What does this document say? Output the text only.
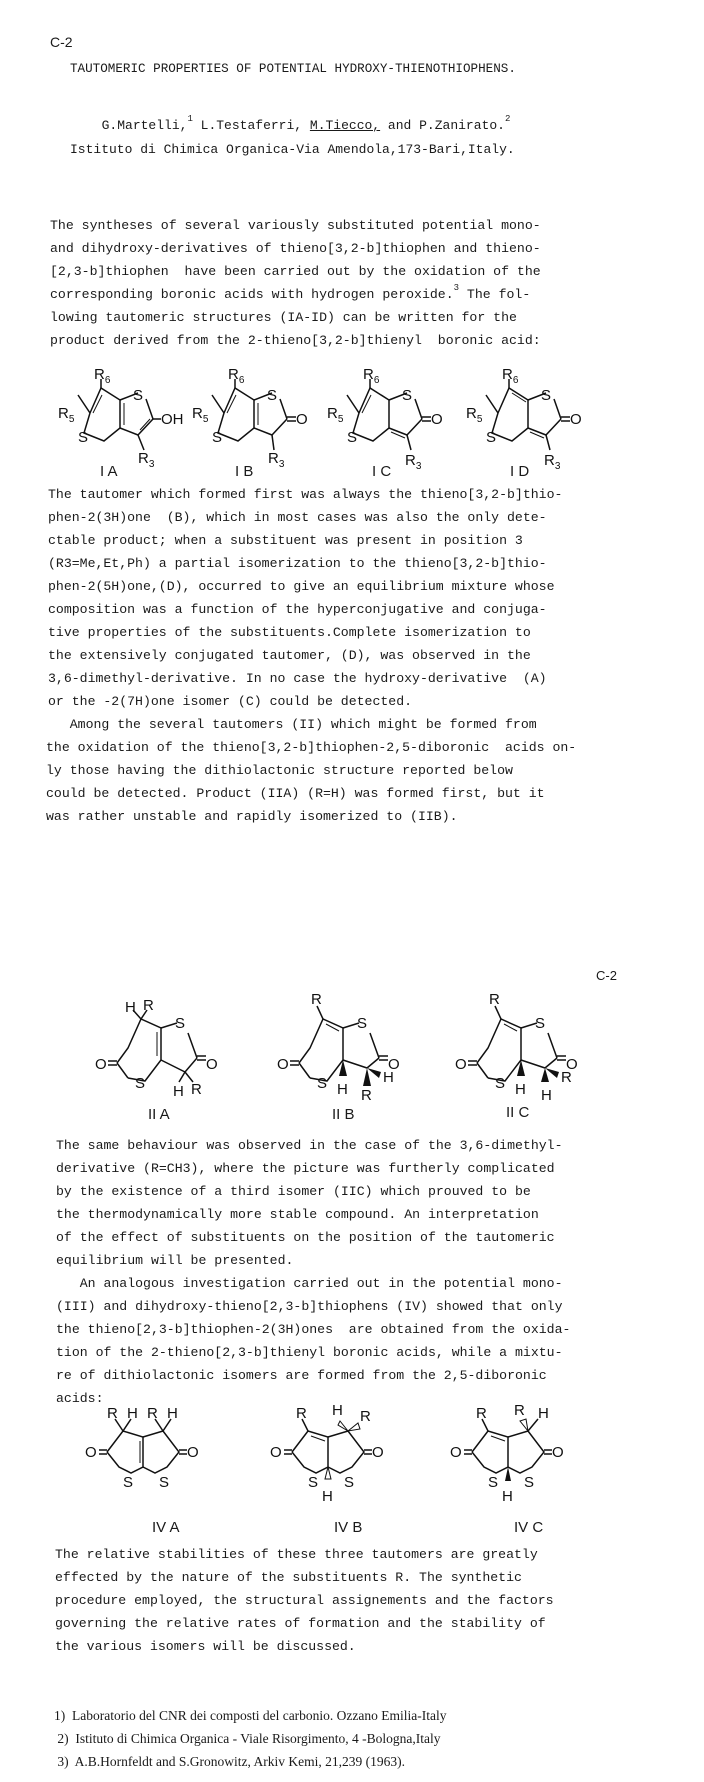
C-2
TAUTOMERIC PROPERTIES OF POTENTIAL HYDROXY-THIENOTHIOPHENS.

G.Martelli,$^1$ L.Testaferri, M.Tiecco, and P.Zanirato.$^2$

Istituto di Chimica Organica-Via Amendola,173-Bari,Italy.

The syntheses of several variously substituted potential mono-

and dihydroxy-derivatives of thieno[3,2-b]thiophen and thieno-

[2,3-b]thiophen  have been carried out by the oxidation of the

corresponding boronic acids with hydrogen peroxide.$^3$ The fol-

lowing tautomeric structures (IA-ID) can be written for the

product derived from the 2-thieno[3,2-b]thienyl  boronic acid:

$R_6$
$R_5$
S
S
OH
$R_3$
$R_6$
$R_5$
S
S
O
$R_3$
$R_6$
$R_5$
S
S
O
$R_3$
$R_6$
$R_5$
S
S
O
$R_3$
I A	I B	I C	I D

The tautomer which formed first was always the thieno[3,2-b]thio-

phen-2(3H)one  (B), which in most cases was also the only dete-

ctable product; when a substituent was present in position 3

(R3=Me,Et,Ph) a partial isomerization to the thieno[3,2-b]thio-

phen-2(5H)one,(D), occurred to give an equilibrium mixture whose

composition was a function of the hyperconjugative and conjuga-

tive properties of the substituents.Complete isomerization to

the extensively conjugated tautomer, (D), was observed in the

3,6-dimethyl-derivative. In no case the hydroxy-derivative  (A)

or the -2(7H)one isomer (C) could be detected.

Among the several tautomers (II) which might be formed from

the oxidation of the thieno[3,2-b]thiophen-2,5-diboronic  acids on-

ly those having the dithiolactonic structure reported below

could be detected. Product (IIA) (R=H) was formed first, but it

was rather unstable and rapidly isomerized to (IIB).

C-2
H R
O
S
S
O
H R
R
O
S
S
O
H
H
R
R
O
S
S
O
H
R
H
II A	II B	II C

The same behaviour was observed in the case of the 3,6-dimethyl-

derivative (R=CH3), where the picture was furtherly complicated

by the existence of a third isomer (IIC) which prouved to be

the thermodynamically more stable compound. An interpretation

of the effect of substituents on the position of the tautomeric

equilibrium will be presented.

An analogous investigation carried out in the potential mono-

(III) and dihydroxy-thieno[2,3-b]thiophens (IV) showed that only

the thieno[2,3-b]thiophen-2(3H)ones  are obtained from the oxida-

tion of the 2-thieno[2,3-b]thienyl boronic acids, while a mixtu-

re of dithiolactonic isomers are formed from the 2,5-diboronic

acids:

R H R H
O
S S
O
R H R
O
S S
O
H
R R H
O
S S
O
H
IV A	IV B	IV C

The relative stabilities of these three tautomers are greatly

effected by the nature of the substituents R. The synthetic

procedure employed, the structural assignements and the factors

governing the relative rates of formation and the stability of

the various isomers will be discussed.

1)  Laboratorio del CNR dei composti del carbonio. Ozzano Emilia-Italy
2)  Istituto di Chimica Organica - Viale Risorgimento, 4 -Bologna,Italy
3)  A.B.Hornfeldt and S.Gronowitz, Arkiv Kemi, 21,239 (1963).
